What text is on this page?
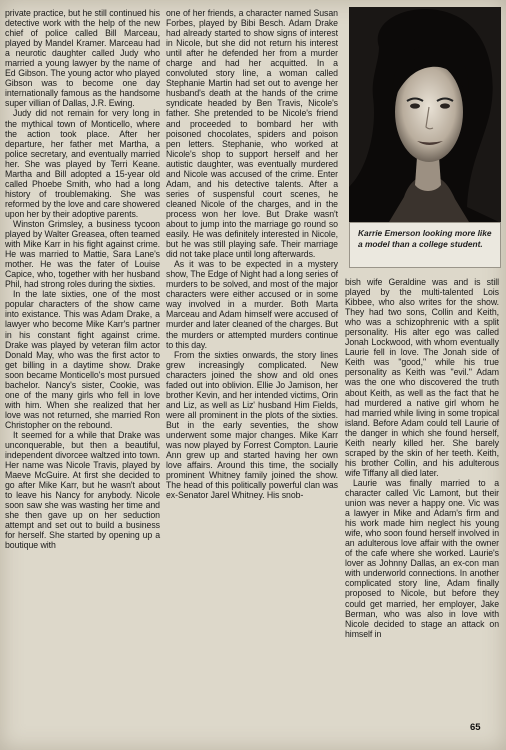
private practice, but he still continued his detective work with the help of the new chief of police called Bill Marceau, played by Mandel Kramer. Marceau had a neurotic daughter called Judy who married a young lawyer by the name of Ed Gibson. The young actor who played Gibson was to become one day internationally famous as the handsome super villian of Dallas, J.R. Ewing.

Judy did not remain for very long in the mythical town of Monticello, where the action took place. After her departure, her father met Martha, a police secretary, and eventually married her. She was played by Terri Keane. Martha and Bill adopted a 15-year old called Phoebe Smith, who had a long history of troublemaking. She was reformed by the love and care showered upon her by their adoptive parents.

Winston Grimsley, a business tycoon played by Walter Greasea, often teamed with Mike Karr in his fight against crime. He was married to Mattie, Sara Lane's mother. He was the fater of Louise Capice, who, together with her husband Phil, had strong roles during the sixties.

In the late sixties, one of the most popular characters of the show came into existance. This was Adam Drake, a lawyer who become Mike Karr's partner in his constant fight against crime. Drake was played by veteran film actor Donald May, who was the first actor to get billing in a daytime show. Drake soon became Monticello's most pursued bachelor. Nancy's sister, Cookie, was one of the many girls who fell in love with him. When she realized that her love was not returned, she married Ron Christopher on the rebound.

It seemed for a while that Drake was unconquerable, but then a beautiful, independent divorcee waltzed into town. Her name was Nicole Travis, played by Maeve McGuire. At first she decided to go after Mike Karr, but he wasn't about to leave his Nancy for anybody. Nicole soon saw she was wasting her time and she then gave up on her seduction attempt and set out to build a business for herself. She started by opening up a boutique with

one of her friends, a character named Susan Forbes, played by Bibi Besch. Adam Drake had already started to show signs of interest in Nicole, but she did not return his interest until after he defended her from a murder charge and had her acquitted. In a convoluted story line, a woman called Stephanie Martin had set out to avenge her husband's death at the hands of the crime syndicate headed by Ben Travis, Nicole's father. She pretended to be Nicole's friend and proceeded to bombard her with poisoned chocolates, spiders and poison pen letters. Stephanie, who worked at Nicole's shop to support herself and her autistic daughter, was eventually murdered and Nicole was accused of the crime. Enter Adam, and his detective talents. After a series of suspensful court scenes, he cleaned Nicole of the charges, and in the process won her love. But Drake wasn't about to jump into the marriage go round so easily. He was definitely interested in Nicole, but he was still playing safe. Their marriage did not take place until long afterwards.

As it was to be expected in a mystery show, The Edge of Night had a long series of murders to be solved, and most of the major characters were either accused or in some way involved in a murder. Both Marta Marceau and Adam himself were accused of murder and later cleaned of the charges. But the murders or attempted murders continue to this day.

From the sixties onwards, the story lines grew increasingly complicated. New characters joined the show and old ones faded out into oblivion. Ellie Jo Jamison, her brother Kevin, and her intended victims, Orin and Liz, as well as Liz' husband Him Fields, were all prominent in the plots of the sixties. But in the early seventies, the show underwent some major changes. Mike Karr was now played by Forrest Compton. Laurie Ann grew up and started having her own love affairs. Around this time, the socially prominent Whitney family joined the show. The head of this politically powerful clan was ex-Senator Jarel Whitney. His snob-

Karrie Emerson looking more like a model than a college student.

bish wife Geraldine was and is still played by the multi-talented Lois Kibbee, who also writes for the show. They had two sons, Collin and Keith, who was a schizophrenic with a split personality. His alter ego was called Jonah Lockwood, with whom eventually Laurie fell in love. The Jonah side of Keith was "good," while his true personality as Keith was "evil." Adam was the one who discovered the truth about Keith, as well as the fact that he had murdered a native girl whom he had married while living in some tropical island. Before Adam could tell Laurie of the danger in which she found herself, Keith nearly killed her. She barely scraped by the skin of her teeth. Keith, his brother Collin, and his adulterous wife Tiffany all died later.

Laurie was finally married to a character called Vic Lamont, but their union was never a happy one. Vic was a lawyer in Mike and Adam's firm and his work made him neglect his young wife, who soon found herself involved in an adulterous love affair with the owner of the cafe where she worked. Laurie's lover as Johnny Dallas, an ex-con man with underworld connections. In another complicated story line, Adam finally proposed to Nicole, but before they could get married, her employer, Jake Berman, who was also in love with Nicole decided to stage an attack on himself in

65
